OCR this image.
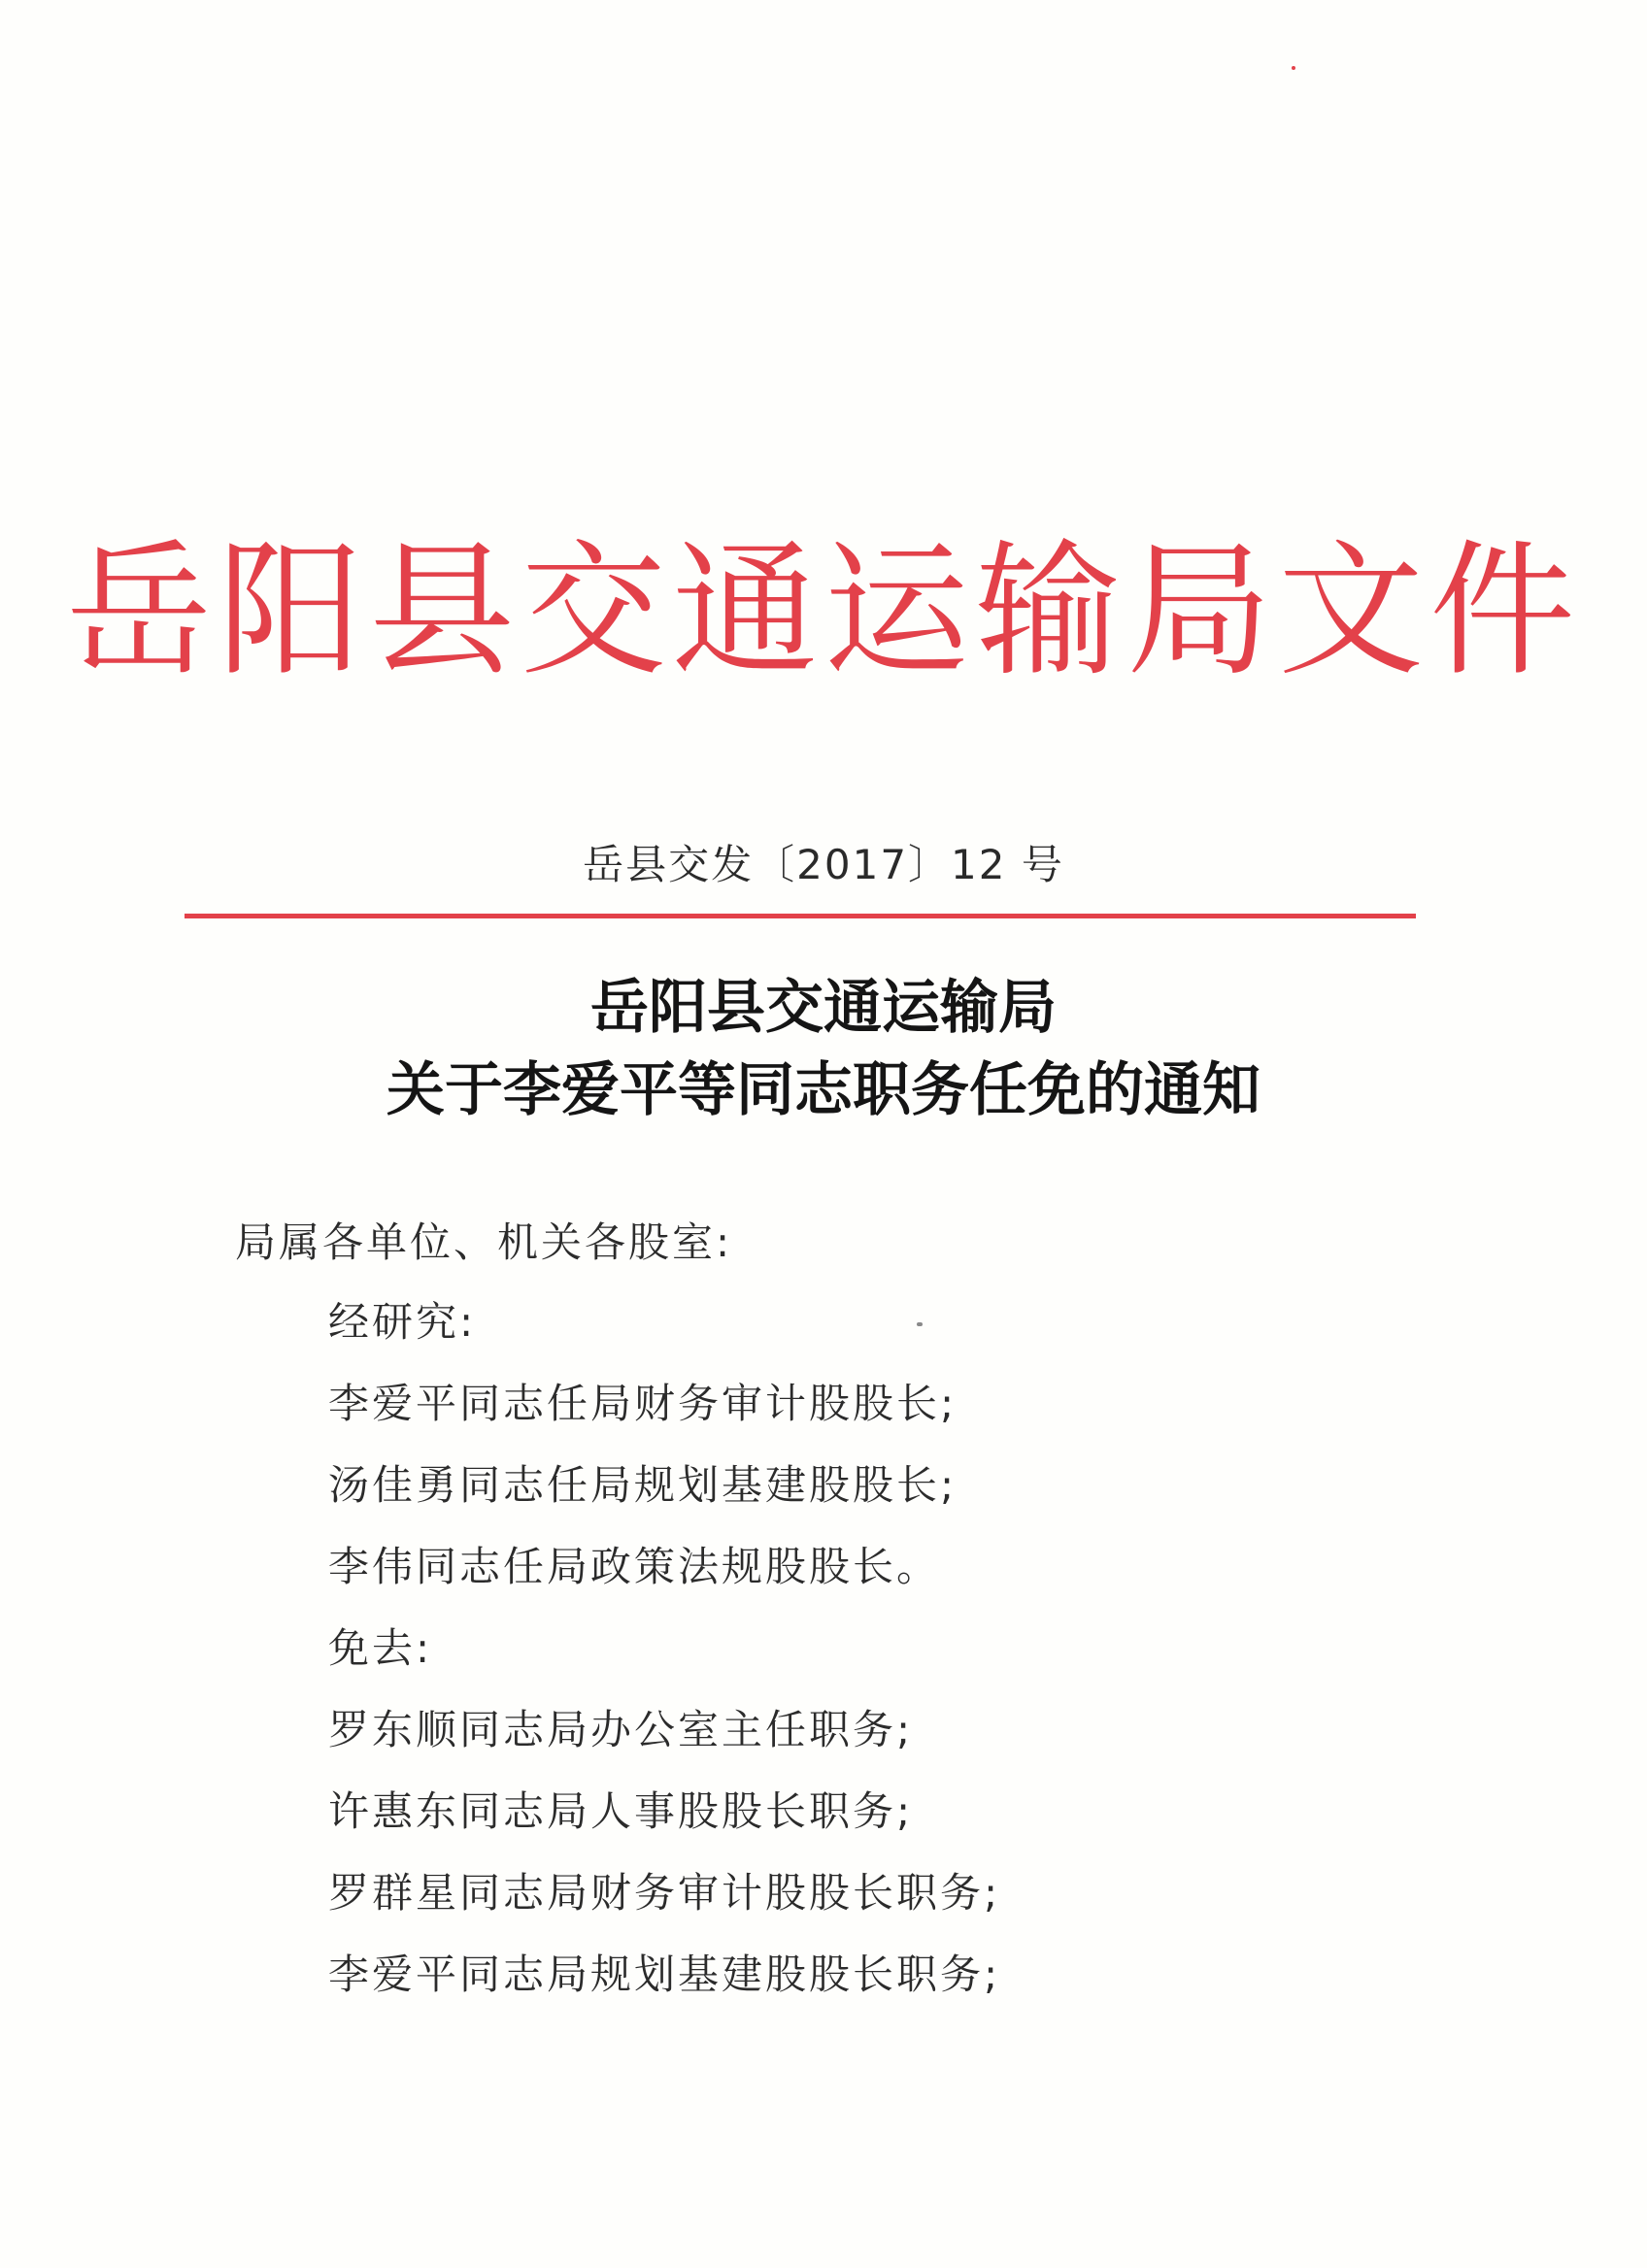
岳阳县交通运输局文件
岳县交发〔2017〕12 号
岳阳县交通运输局
关于李爱平等同志职务任免的通知
局属各单位、机关各股室:
经研究:
李爱平同志任局财务审计股股长;
汤佳勇同志任局规划基建股股长;
李伟同志任局政策法规股股长。
免去:
罗东顺同志局办公室主任职务;
许惠东同志局人事股股长职务;
罗群星同志局财务审计股股长职务;
李爱平同志局规划基建股股长职务;
